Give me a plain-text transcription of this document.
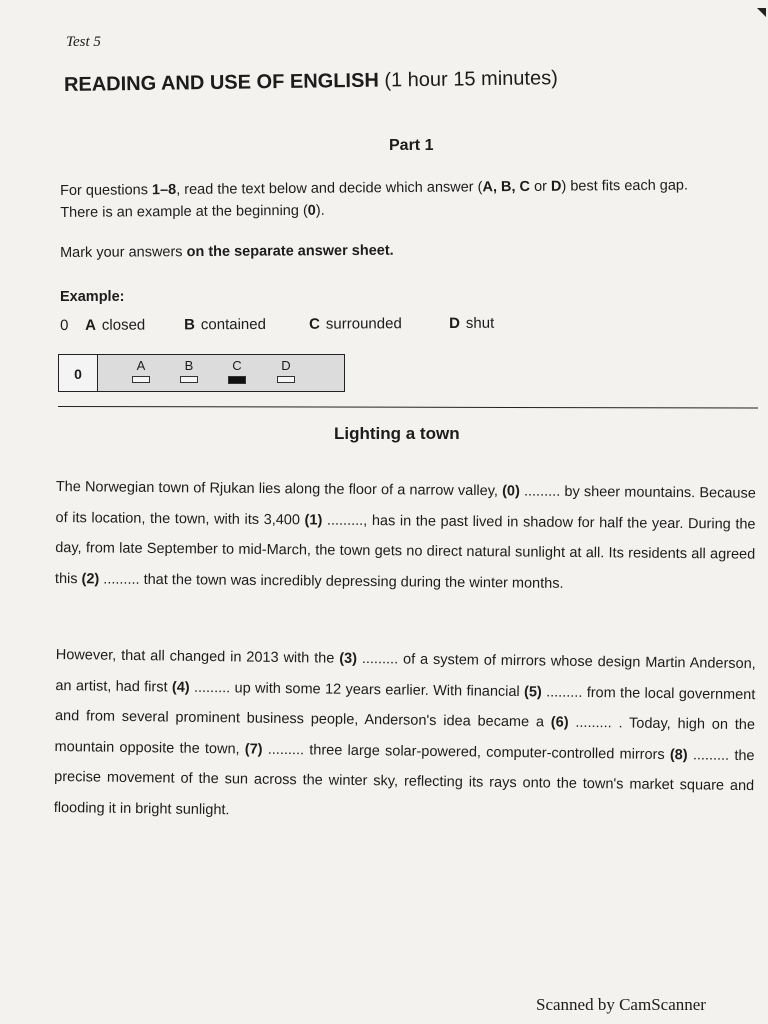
Test 5
READING AND USE OF ENGLISH (1 hour 15 minutes)
Part 1

For questions 1–8, read the text below and decide which answer (A, B, C or D) best fits each gap.

There is an example at the beginning (0).

Mark your answers on the separate answer sheet.
Example:
0 A closed	B contained	C surrounded	D shut
0
A	B	C	D
Lighting a town
The Norwegian town of Rjukan lies along the floor of a narrow valley, (0) ......... by sheer mountains. Because of its location, the town, with its 3,400 (1) ........., has in the past lived in shadow for half the year. During the day, from late September to mid-March, the town gets no direct natural sunlight at all. Its residents all agreed this (2) ......... that the town was incredibly depressing during the winter months.
However, that all changed in 2013 with the (3) ......... of a system of mirrors whose design Martin Anderson, an artist, had first (4) ......... up with some 12 years earlier. With financial (5) ......... from the local government and from several prominent business people, Anderson's idea became a (6) ......... . Today, high on the mountain opposite the town, (7) ......... three large solar-powered, computer-controlled mirrors (8) ......... the precise movement of the sun across the winter sky, reflecting its rays onto the town's market square and flooding it in bright sunlight.
Scanned by CamScanner
